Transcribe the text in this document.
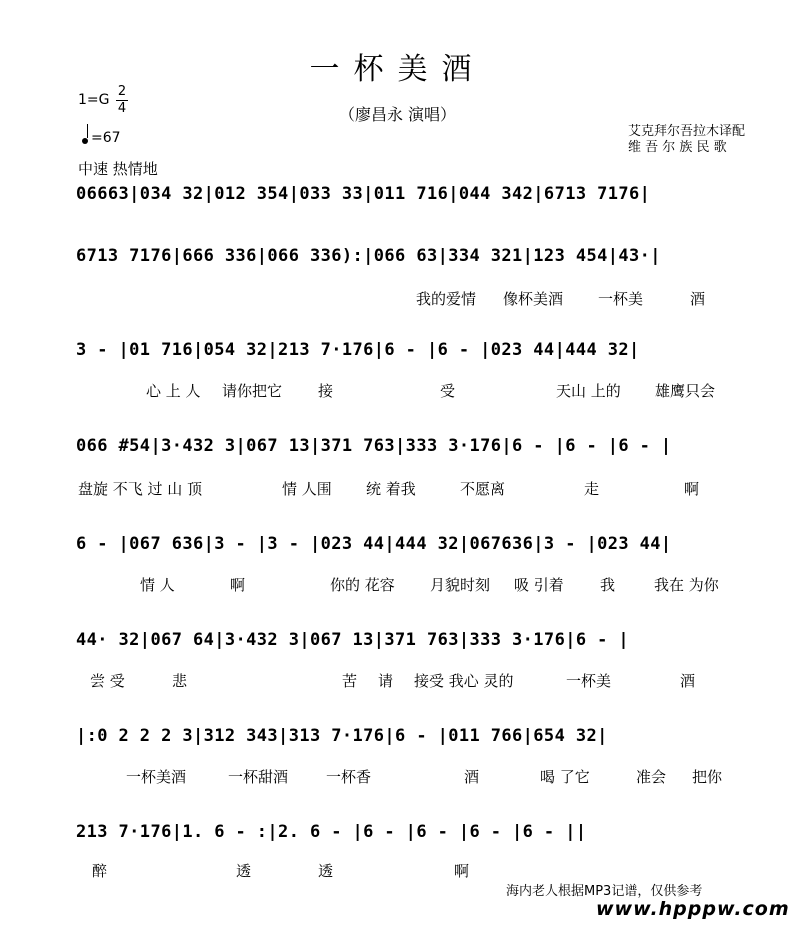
一杯美酒
（廖昌永 演唱）
艾克拜尔吾拉木译配
维 吾 尔 族 民 歌
$1=G \frac{2}{4}$
=67
中速 热情地
06663|034 32|012 354|033 33|011 716|044 342|6713 7176|
6713 7176|666 336|066 336):|066 63|334 321|123 454|43·|
我的爱情 像杯美酒 一杯美	酒
3 - |01 716|054 32|213 7·176|6 - |6 - |023 44|444 32|
心 上 人 请你把它 接	受	天山 上的 雄鹰只会
066 #54|3·432 3|067 13|371 763|333 3·176|6 - |6 - |6 - |
盘旋 不飞 过 山 顶	情 人围 统 着我	不愿离	走	啊
6 - |067 636|3 - |3 - |023 44|444 32|067636|3 - |023 44|
情 人	啊	你的 花容 月貌时刻 吸 引着 我	我在 为你
44· 32|067 64|3·432 3|067 13|371 763|333 3·176|6 - |
尝 受	悲	苦 请 接受 我心 灵的	一杯美	酒
|:0 2 2 2 3|312 343|313 7·176|6 - |011 766|654 32|
一杯美酒	一杯甜酒	一杯香	酒	喝 了它	准会 把你
213 7·176|1. 6 - :|2. 6 - |6 - |6 - |6 - |6 - ||
醉	透	透	啊
海内老人根据MP3记谱，仅供参考
www.hpppw.com
